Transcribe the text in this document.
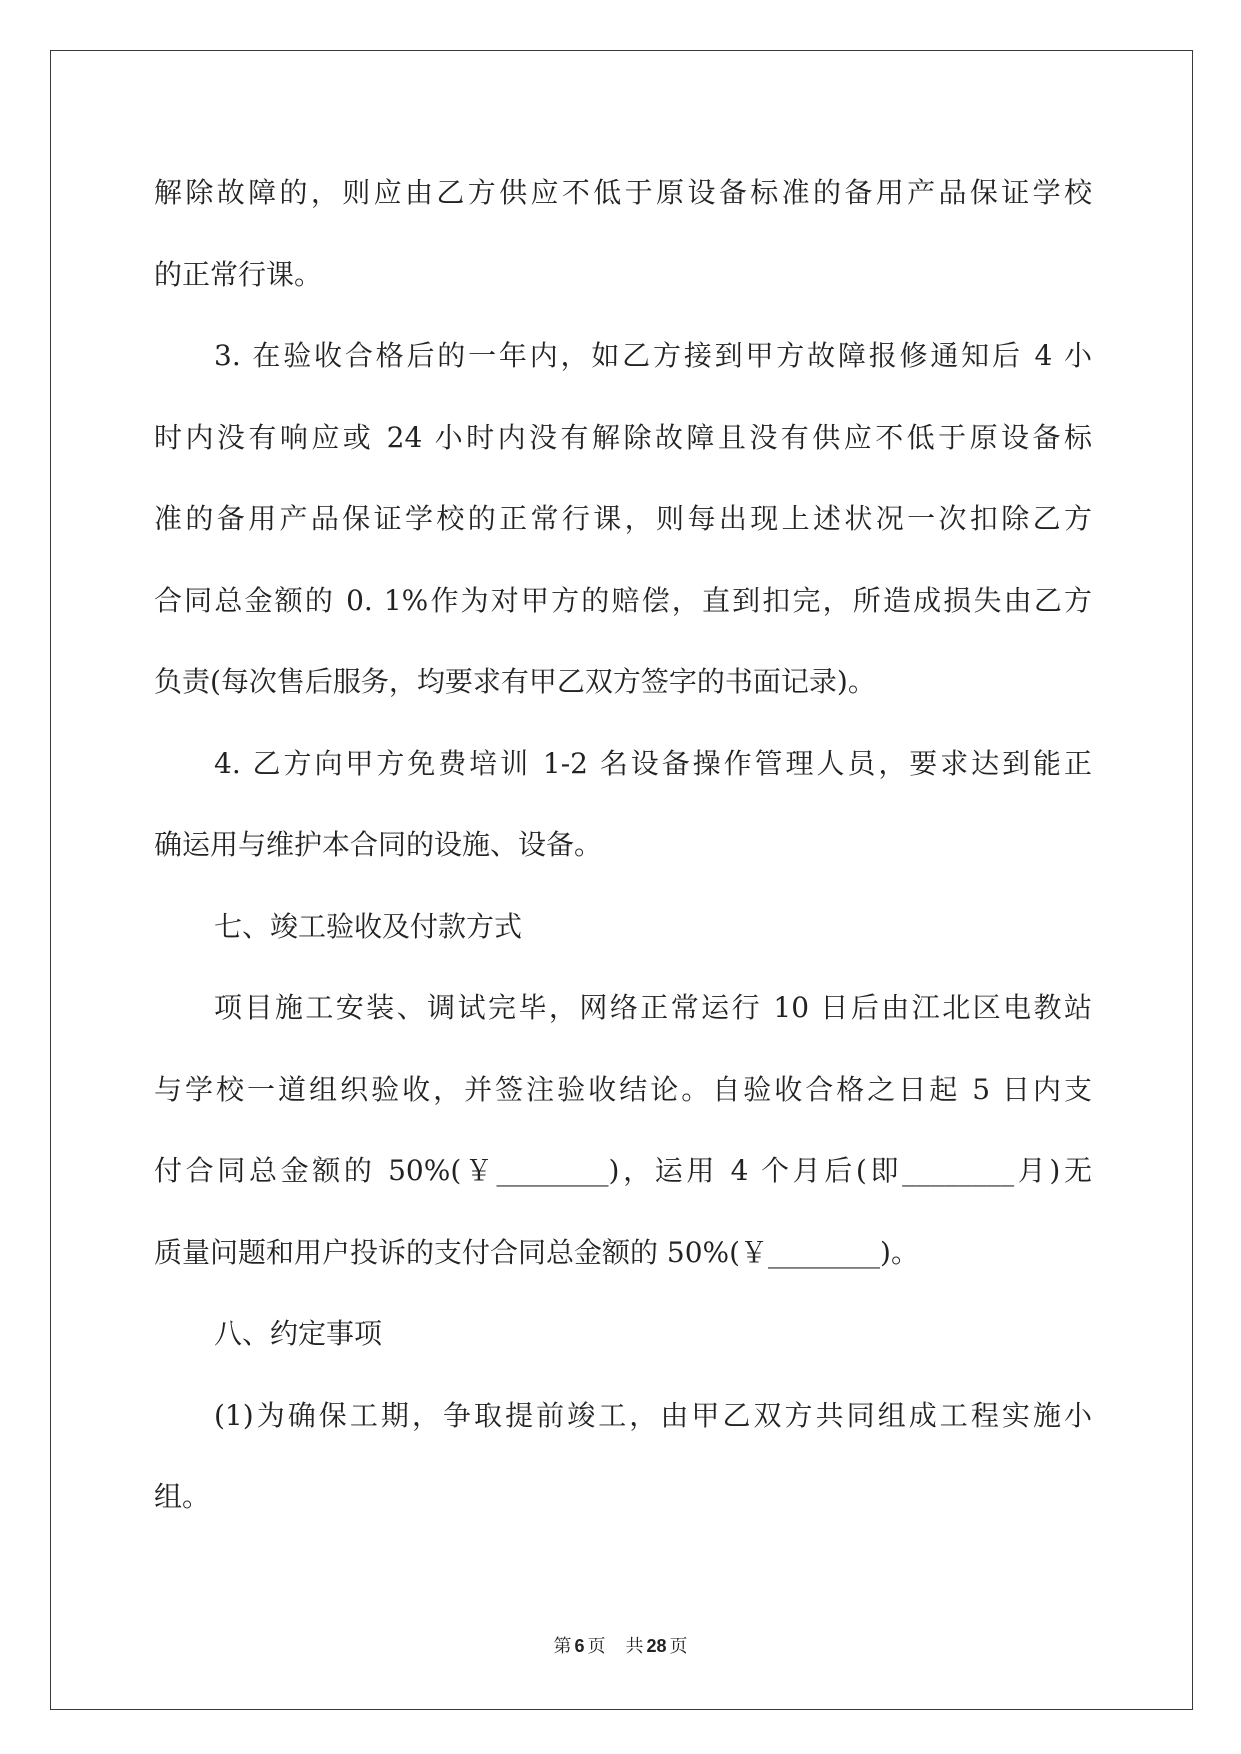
解除故障的，则应由乙方供应不低于原设备标准的备用产品保证学校
的正常行课。
3. 在验收合格后的一年内，如乙方接到甲方故障报修通知后 4 小
时内没有响应或 24 小时内没有解除故障且没有供应不低于原设备标
准的备用产品保证学校的正常行课，则每出现上述状况一次扣除乙方
合同总金额的 0. 1%作为对甲方的赔偿，直到扣完，所造成损失由乙方
负责(每次售后服务，均要求有甲乙双方签字的书面记录)。
4. 乙方向甲方免费培训 1-2 名设备操作管理人员，要求达到能正
确运用与维护本合同的设施、设备。
七、竣工验收及付款方式
项目施工安装、调试完毕，网络正常运行 10 日后由江北区电教站
与学校一道组织验收，并签注验收结论。自验收合格之日起 5 日内支
付合同总金额的 50%(￥________)，运用 4 个月后(即________月)无
质量问题和用户投诉的支付合同总金额的 50%(￥________)。
八、约定事项
(1)为确保工期，争取提前竣工，由甲乙双方共同组成工程实施小
组。
第 6 页 共 28 页
